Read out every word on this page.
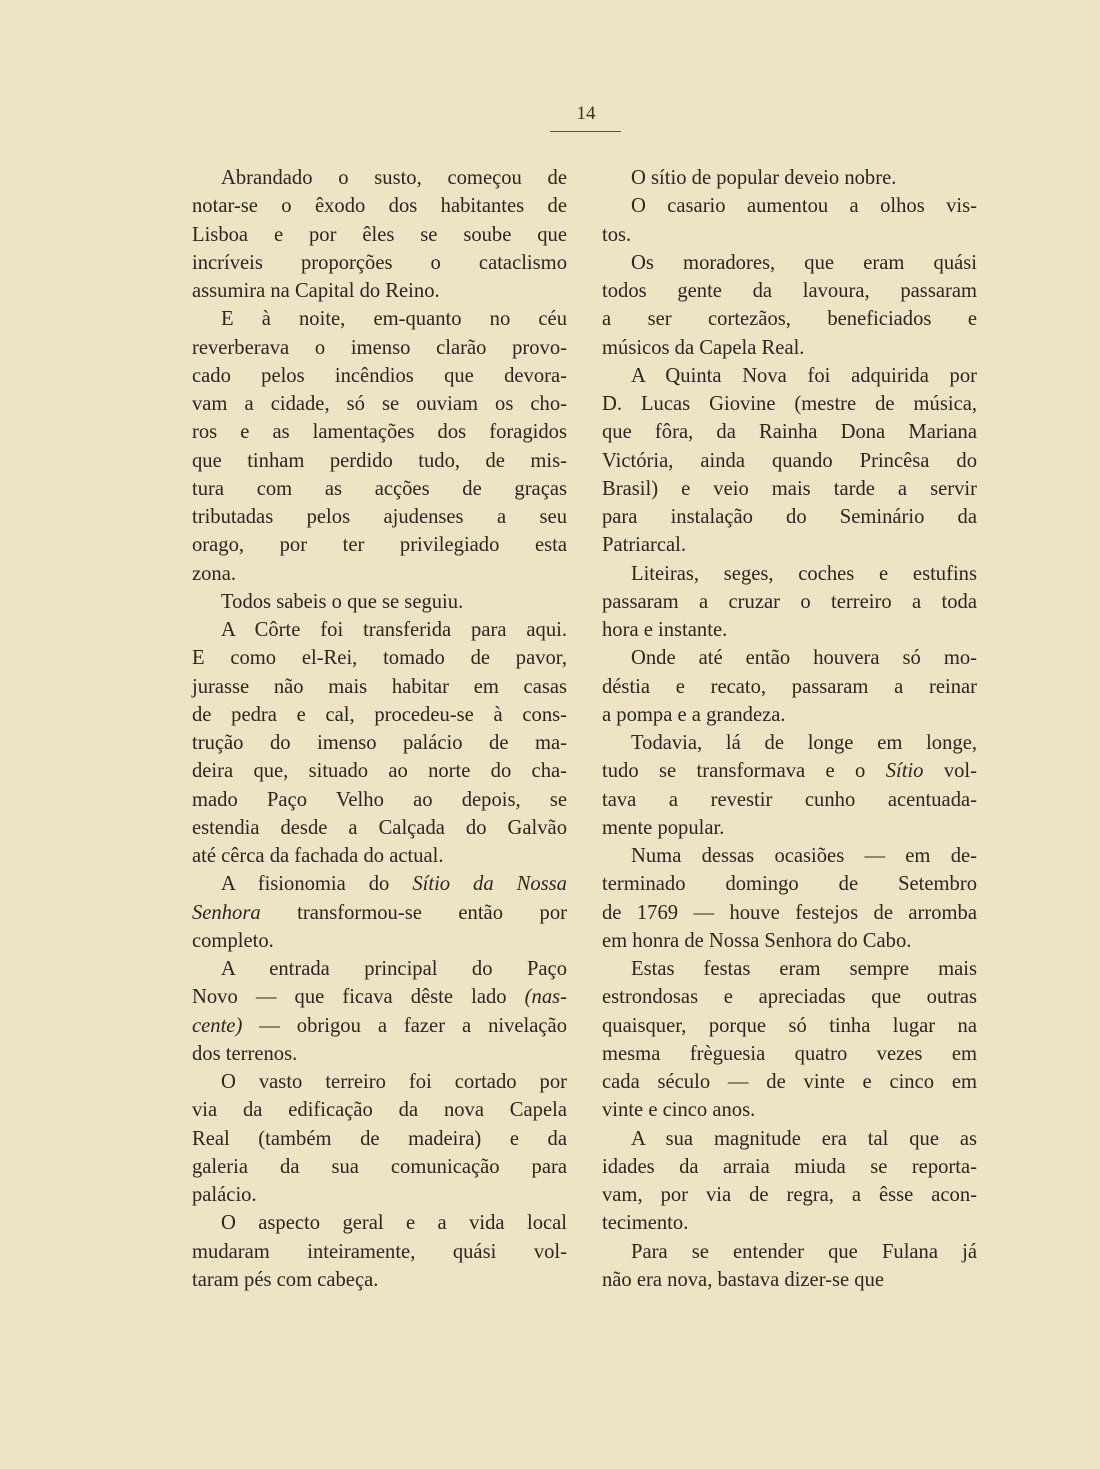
14
Abrandado o susto, começou de
notar-se o êxodo dos habitantes de
Lisboa e por êles se soube que
incríveis proporções o cataclismo
assumira na Capital do Reino.
E à noite, em-quanto no céu
reverberava o imenso clarão provo-
cado pelos incêndios que devora-
vam a cidade, só se ouviam os cho-
ros e as lamentações dos foragidos
que tinham perdido tudo, de mis-
tura com as acções de graças
tributadas pelos ajudenses a seu
orago, por ter privilegiado esta
zona.
Todos sabeis o que se seguiu.
A Côrte foi transferida para aqui.
E como el-Rei, tomado de pavor,
jurasse não mais habitar em casas
de pedra e cal, procedeu-se à cons-
trução do imenso palácio de ma-
deira que, situado ao norte do cha-
mado Paço Velho ao depois, se
estendia desde a Calçada do Galvão
até cêrca da fachada do actual.
A fisionomia do Sítio da Nossa
Senhora transformou-se então por
completo.
A entrada principal do Paço
Novo — que ficava dêste lado (nas-
cente) — obrigou a fazer a nivelação
dos terrenos.
O vasto terreiro foi cortado por
via da edificação da nova Capela
Real (também de madeira) e da
galeria da sua comunicação para
palácio.
O aspecto geral e a vida local
mudaram inteiramente, quási vol-
taram pés com cabeça.
O sítio de popular deveio nobre.
O casario aumentou a olhos vis-
tos.
Os moradores, que eram quási
todos gente da lavoura, passaram
a ser cortezãos, beneficiados e
músicos da Capela Real.
A Quinta Nova foi adquirida por
D. Lucas Giovine (mestre de música,
que fôra, da Rainha Dona Mariana
Victória, ainda quando Princêsa do
Brasil) e veio mais tarde a servir
para instalação do Seminário da
Patriarcal.
Liteiras, seges, coches e estufins
passaram a cruzar o terreiro a toda
hora e instante.
Onde até então houvera só mo-
déstia e recato, passaram a reinar
a pompa e a grandeza.
Todavia, lá de longe em longe,
tudo se transformava e o Sítio vol-
tava a revestir cunho acentuada-
mente popular.
Numa dessas ocasiões — em de-
terminado domingo de Setembro
de 1769 — houve festejos de arromba
em honra de Nossa Senhora do Cabo.
Estas festas eram sempre mais
estrondosas e apreciadas que outras
quaisquer, porque só tinha lugar na
mesma frèguesia quatro vezes em
cada século — de vinte e cinco em
vinte e cinco anos.
A sua magnitude era tal que as
idades da arraia miuda se reporta-
vam, por via de regra, a êsse acon-
tecimento.
Para se entender que Fulana já
não era nova, bastava dizer-se que
